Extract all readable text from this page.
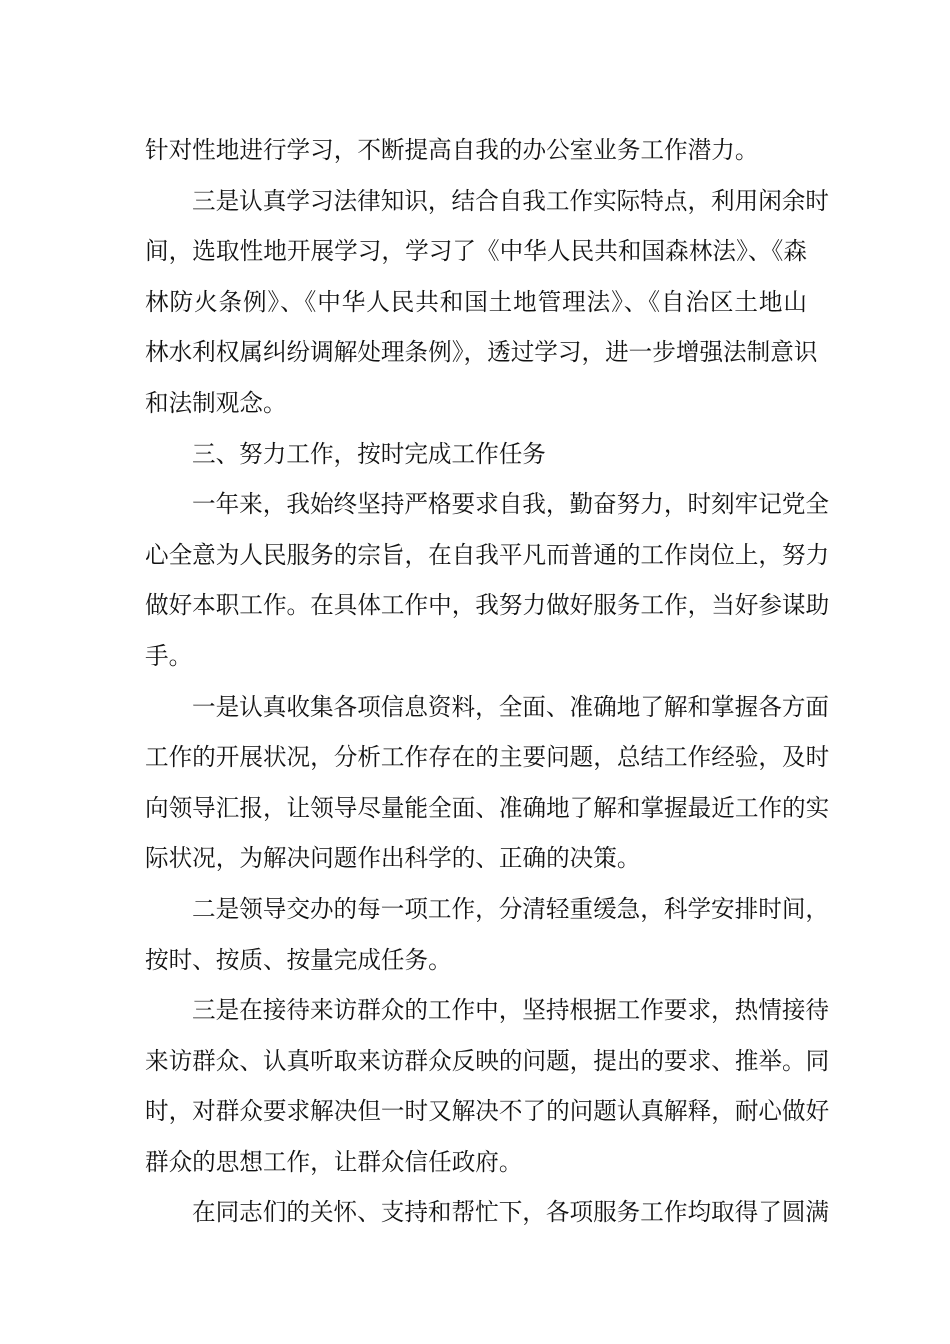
针对性地进行学习，不断提高自我的办公室业务工作潜力。
三是认真学习法律知识，结合自我工作实际特点，利用闲余时
间，选取性地开展学习，学习了《中华人民共和国森林法》、《森
林防火条例》、《中华人民共和国土地管理法》、《自治区土地山
林水利权属纠纷调解处理条例》，透过学习，进一步增强法制意识
和法制观念。
三、努力工作，按时完成工作任务
一年来，我始终坚持严格要求自我，勤奋努力，时刻牢记党全
心全意为人民服务的宗旨，在自我平凡而普通的工作岗位上，努力
做好本职工作。在具体工作中，我努力做好服务工作，当好参谋助
手。
一是认真收集各项信息资料，全面、准确地了解和掌握各方面
工作的开展状况，分析工作存在的主要问题，总结工作经验，及时
向领导汇报，让领导尽量能全面、准确地了解和掌握最近工作的实
际状况，为解决问题作出科学的、正确的决策。
二是领导交办的每一项工作，分清轻重缓急，科学安排时间，
按时、按质、按量完成任务。
三是在接待来访群众的工作中，坚持根据工作要求，热情接待
来访群众、认真听取来访群众反映的问题，提出的要求、推举。同
时，对群众要求解决但一时又解决不了的问题认真解释，耐心做好
群众的思想工作，让群众信任政府。
在同志们的关怀、支持和帮忙下，各项服务工作均取得了圆满
